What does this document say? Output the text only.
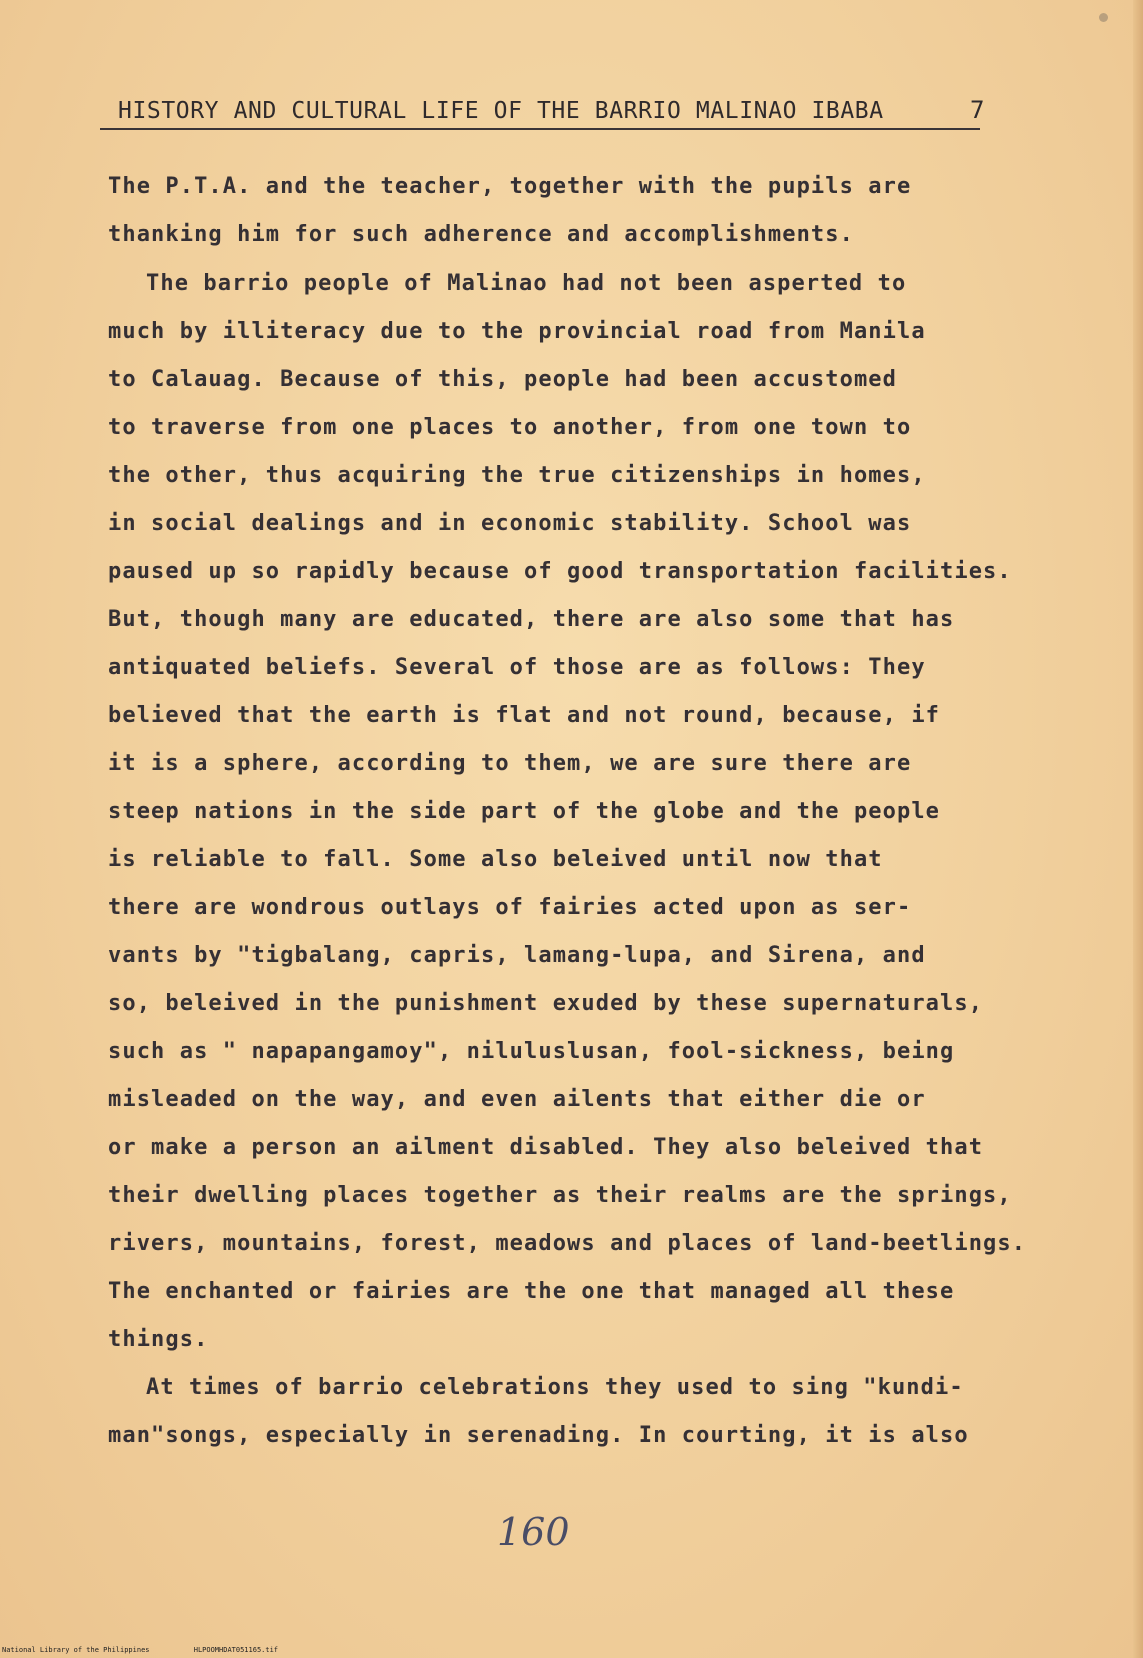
HISTORY AND CULTURAL LIFE OF THE BARRIO MALINAO IBABA	7
The P.T.A. and the teacher, together with the pupils are
thanking him for such adherence and accomplishments.
The barrio people of Malinao had not been asperted to
much by illiteracy due to the provincial road from Manila
to Calauag. Because of this, people had been accustomed
to traverse from one places to another, from one town to
the other, thus acquiring the true citizenships in homes,
in social dealings and in economic stability. School was
paused up so rapidly because of good transportation facilities.
But, though many are educated, there are also some that has
antiquated beliefs. Several of those are as follows: They
believed that the earth is flat and not round, because, if
it is a sphere, according to them, we are sure there are
steep nations in the side part of the globe and the people
is reliable to fall. Some also beleived until now that
there are wondrous outlays of fairies acted upon as ser-
vants by "tigbalang, capris, lamang-lupa, and Sirena, and
so, beleived in the punishment exuded by these supernaturals,
such as " napapangamoy", niluluslusan, fool-sickness, being
misleaded on the way, and even ailents that either die or
or make a person an ailment disabled. They also beleived that
their dwelling places together as their realms are the springs,
rivers, mountains, forest, meadows and places of land-beetlings.
The enchanted or fairies are the one that managed all these
things.
At times of barrio celebrations they used to sing "kundi-
man"songs, especially in serenading. In courting, it is also
160
National Library of the Philippines	HLPOOMHDAT051165.tif
